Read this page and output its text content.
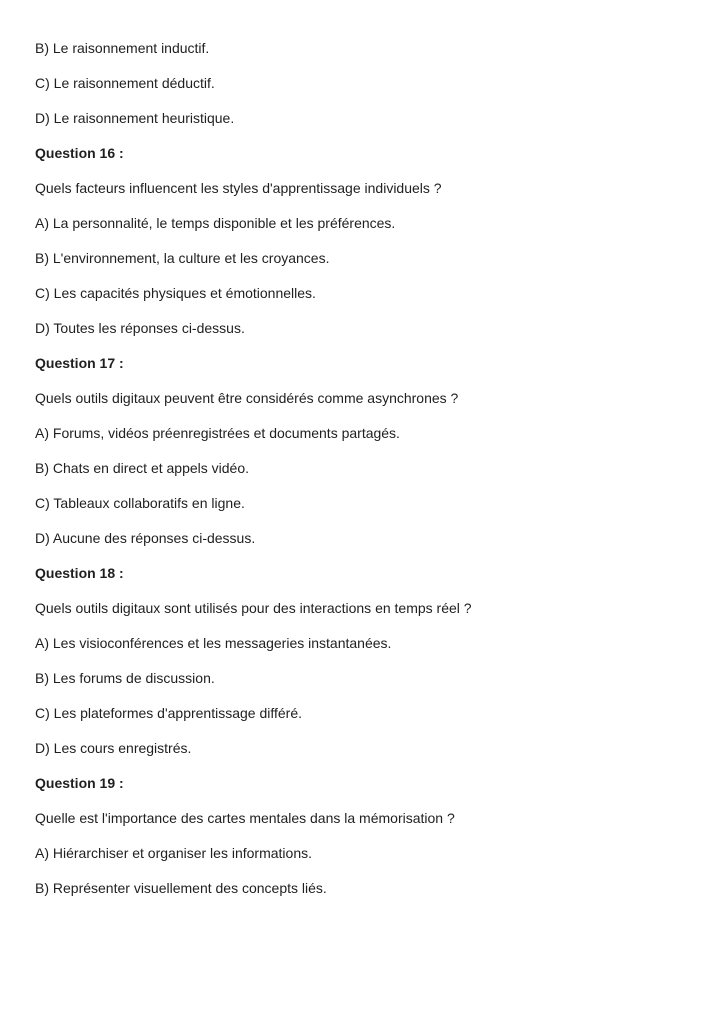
B) Le raisonnement inductif.

C) Le raisonnement déductif.

D) Le raisonnement heuristique.

Question 16 :

Quels facteurs influencent les styles d'apprentissage individuels ?

A) La personnalité, le temps disponible et les préférences.

B) L'environnement, la culture et les croyances.

C) Les capacités physiques et émotionnelles.

D) Toutes les réponses ci-dessus.

Question 17 :

Quels outils digitaux peuvent être considérés comme asynchrones ?

A) Forums, vidéos préenregistrées et documents partagés.

B) Chats en direct et appels vidéo.

C) Tableaux collaboratifs en ligne.

D) Aucune des réponses ci-dessus.

Question 18 :

Quels outils digitaux sont utilisés pour des interactions en temps réel ?

A) Les visioconférences et les messageries instantanées.

B) Les forums de discussion.

C) Les plateformes d'apprentissage différé.

D) Les cours enregistrés.

Question 19 :

Quelle est l'importance des cartes mentales dans la mémorisation ?

A) Hiérarchiser et organiser les informations.

B) Représenter visuellement des concepts liés.
